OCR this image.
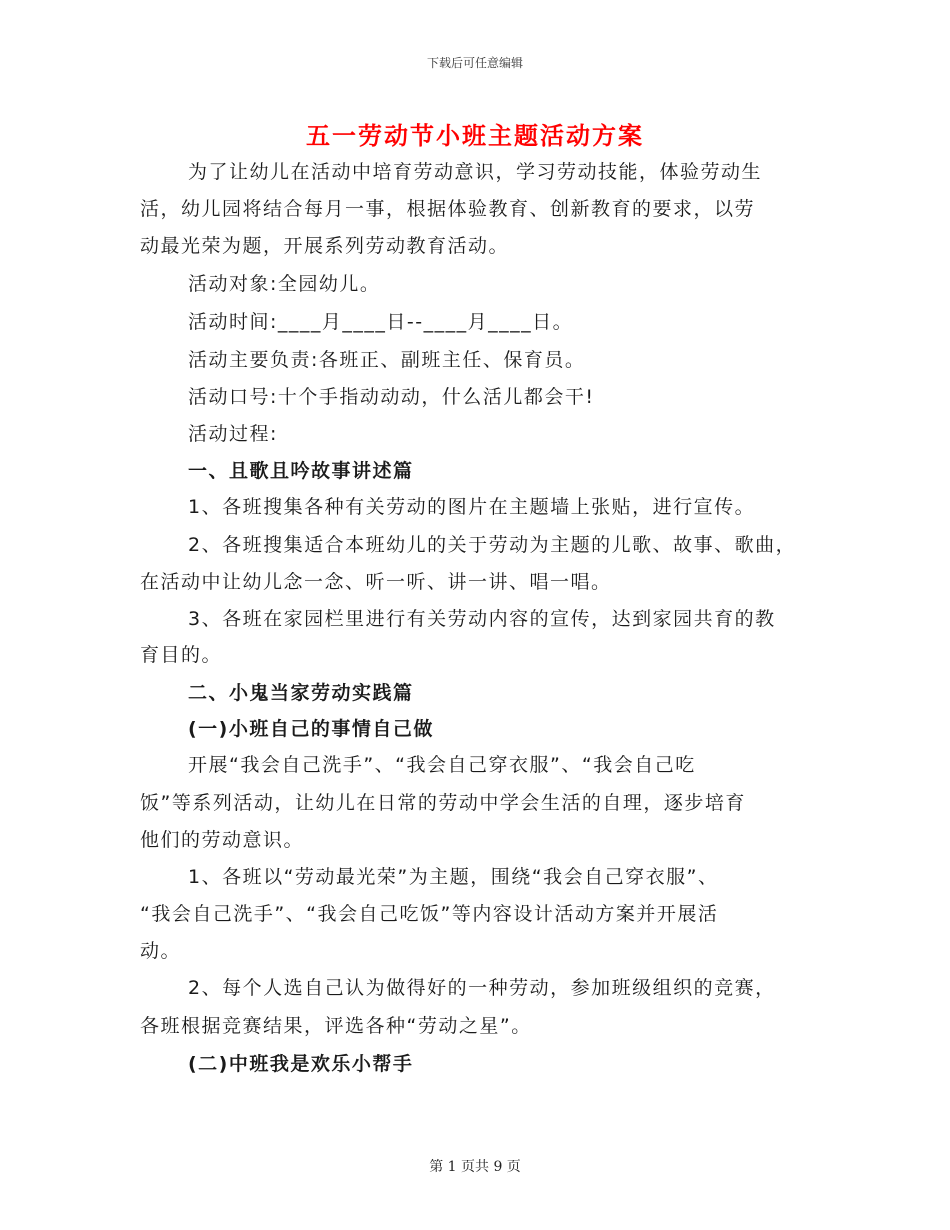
下载后可任意编辑
五一劳动节小班主题活动方案
为了让幼儿在活动中培育劳动意识，学习劳动技能，体验劳动生
活，幼儿园将结合每月一事，根据体验教育、创新教育的要求，以劳
动最光荣为题，开展系列劳动教育活动。
活动对象:全园幼儿。
活动时间:____月____日--____月____日。
活动主要负责:各班正、副班主任、保育员。
活动口号:十个手指动动动，什么活儿都会干!
活动过程:
一、且歌且吟故事讲述篇
1、各班搜集各种有关劳动的图片在主题墙上张贴，进行宣传。
2、各班搜集适合本班幼儿的关于劳动为主题的儿歌、故事、歌曲，
在活动中让幼儿念一念、听一听、讲一讲、唱一唱。
3、各班在家园栏里进行有关劳动内容的宣传，达到家园共育的教
育目的。
二、小鬼当家劳动实践篇
(一)小班自己的事情自己做
开展“我会自己洗手”、“我会自己穿衣服”、“我会自己吃
饭”等系列活动，让幼儿在日常的劳动中学会生活的自理，逐步培育
他们的劳动意识。
1、各班以“劳动最光荣”为主题，围绕“我会自己穿衣服”、
“我会自己洗手”、“我会自己吃饭”等内容设计活动方案并开展活
动。
2、每个人选自己认为做得好的一种劳动，参加班级组织的竞赛，
各班根据竞赛结果，评选各种“劳动之星”。
(二)中班我是欢乐小帮手
第 1 页共 9 页
